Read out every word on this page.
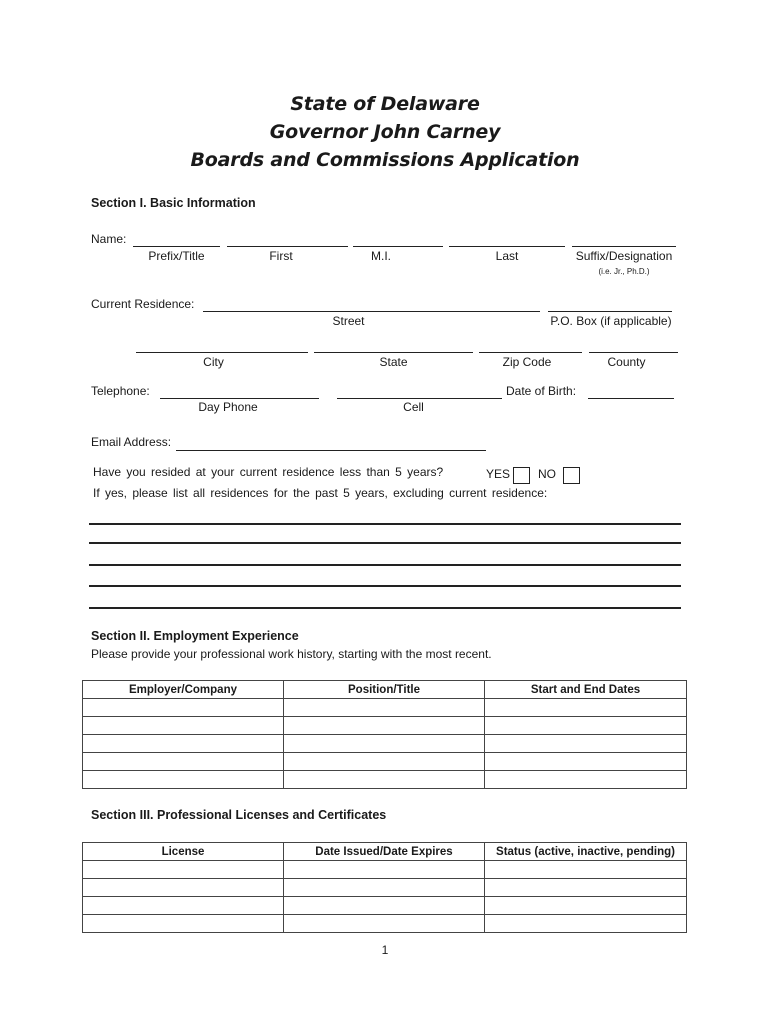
State of Delaware
Governor John Carney
Boards and Commissions Application
Section I. Basic Information
Name:
Prefix/Title	First	M.I.	Last	Suffix/Designation
(i.e. Jr., Ph.D.)
Current Residence:
Street	P.O. Box (if applicable)
City	State	Zip Code	County
Telephone:	Date of Birth:
Day Phone	Cell
Email Address:
Have you resided at your current residence less than 5 years?	YES NO
If yes, please list all residences for the past 5 years, excluding current residence:
Section II. Employment Experience
Please provide your professional work history, starting with the most recent.
Employer/Company	Position/Title	Start and End Dates

Section III. Professional Licenses and Certificates
License	Date Issued/Date Expires	Status (active, inactive, pending)

1
